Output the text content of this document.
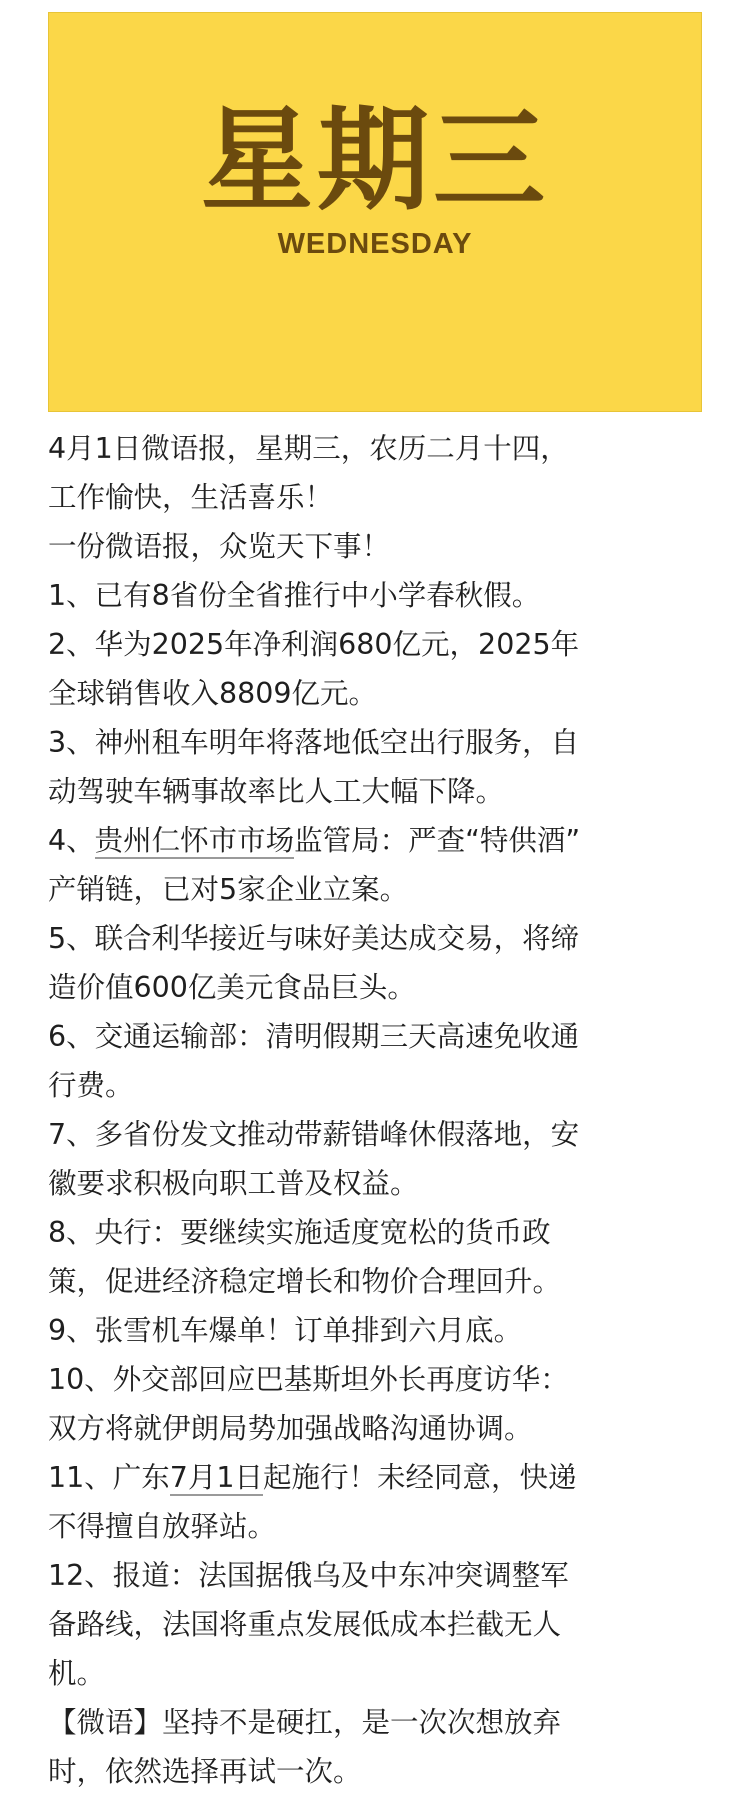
星期三
WEDNESDAY

4月1日微语报，星期三，农历二月十四，

工作愉快，生活喜乐！

一份微语报，众览天下事！

1、已有8省份全省推行中小学春秋假。

2、华为2025年净利润680亿元，2025年

全球销售收入8809亿元。

3、神州租车明年将落地低空出行服务，自

动驾驶车辆事故率比人工大幅下降。

4、贵州仁怀市市场监管局：严查“特供酒”

产销链，已对5家企业立案。

5、联合利华接近与味好美达成交易，将缔

造价值600亿美元食品巨头。

6、交通运输部：清明假期三天高速免收通

行费。

7、多省份发文推动带薪错峰休假落地，安

徽要求积极向职工普及权益。

8、央行：要继续实施适度宽松的货币政

策，促进经济稳定增长和物价合理回升。

9、张雪机车爆单！订单排到六月底。

10、外交部回应巴基斯坦外长再度访华：

双方将就伊朗局势加强战略沟通协调。

11、广东7月1日起施行！未经同意，快递

不得擅自放驿站。

12、报道：法国据俄乌及中东冲突调整军

备路线，法国将重点发展低成本拦截无人

机。

【微语】坚持不是硬扛，是一次次想放弃

时，依然选择再试一次。
